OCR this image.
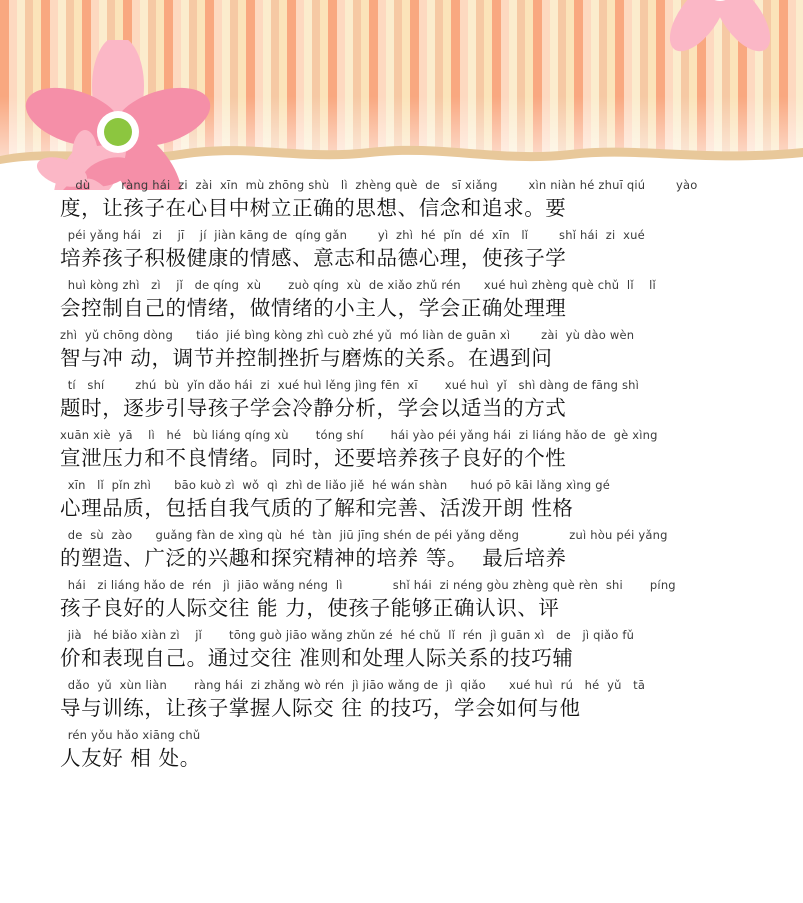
dù        ràng hái  zi  zài  xīn  mù zhōng shù   lì  zhèng què  de   sī xiǎng        xìn niàn hé zhuī qiú        yào
度，让孩子在心目中树立正确的思想、信念和追求。要
péi yǎng hái   zi    jī    jí  jiàn kāng de  qíng gǎn        yì  zhì  hé  pǐn  dé  xīn   lǐ        shǐ hái  zi  xué
培养孩子积极健康的情感、意志和品德心理，使孩子学
huì kòng zhì   zì    jǐ   de qíng  xù       zuò qíng  xù  de xiǎo zhǔ rén      xué huì zhèng què chǔ  lǐ    lǐ
会控制自己的情绪，做情绪的小主人，学会正确处理理
zhì  yǔ chōng dòng      tiáo  jié bìng kòng zhì cuò zhé yǔ  mó liàn de guān xì        zài  yù dào wèn
智与冲 动，调节并控制挫折与磨炼的关系。在遇到问
tí   shí        zhú  bù  yǐn dǎo hái  zi  xué huì lěng jìng fēn  xī       xué huì  yǐ   shì dàng de fāng shì
题时，逐步引导孩子学会冷静分析，学会以适当的方式
xuān xiè  yā    lì   hé   bù liáng qíng xù       tóng shí       hái yào péi yǎng hái  zi liáng hǎo de  gè xìng
宣泄压力和不良情绪。同时，还要培养孩子良好的个性
xīn   lǐ  pǐn zhì      bāo kuò zì  wǒ  qì  zhì de liǎo jiě  hé wán shàn      huó pō kāi lǎng xìng gé
心理品质，包括自我气质的了解和完善、活泼开朗 性格
de  sù  zào      guǎng fàn de xìng qù  hé  tàn  jiū jīng shén de péi yǎng děng             zuì hòu péi yǎng
的塑造、广泛的兴趣和探究精神的培养 等。  最后培养
hái   zi liáng hǎo de  rén   jì  jiāo wǎng néng  lì             shǐ hái  zi néng gòu zhèng què rèn  shi       píng
孩子良好的人际交往 能 力，使孩子能够正确认识、评
jià   hé biǎo xiàn zì    jǐ       tōng guò jiāo wǎng zhǔn zé  hé chǔ  lǐ  rén  jì guān xì   de   jì qiǎo fǔ
价和表现自己。通过交往 准则和处理人际关系的技巧辅
dǎo  yǔ  xùn liàn       ràng hái  zi zhǎng wò rén  jì jiāo wǎng de  jì  qiǎo      xué huì  rú   hé  yǔ   tā
导与训练，让孩子掌握人际交 往 的技巧，学会如何与他
rén yǒu hǎo xiāng chǔ
人友好 相 处。
